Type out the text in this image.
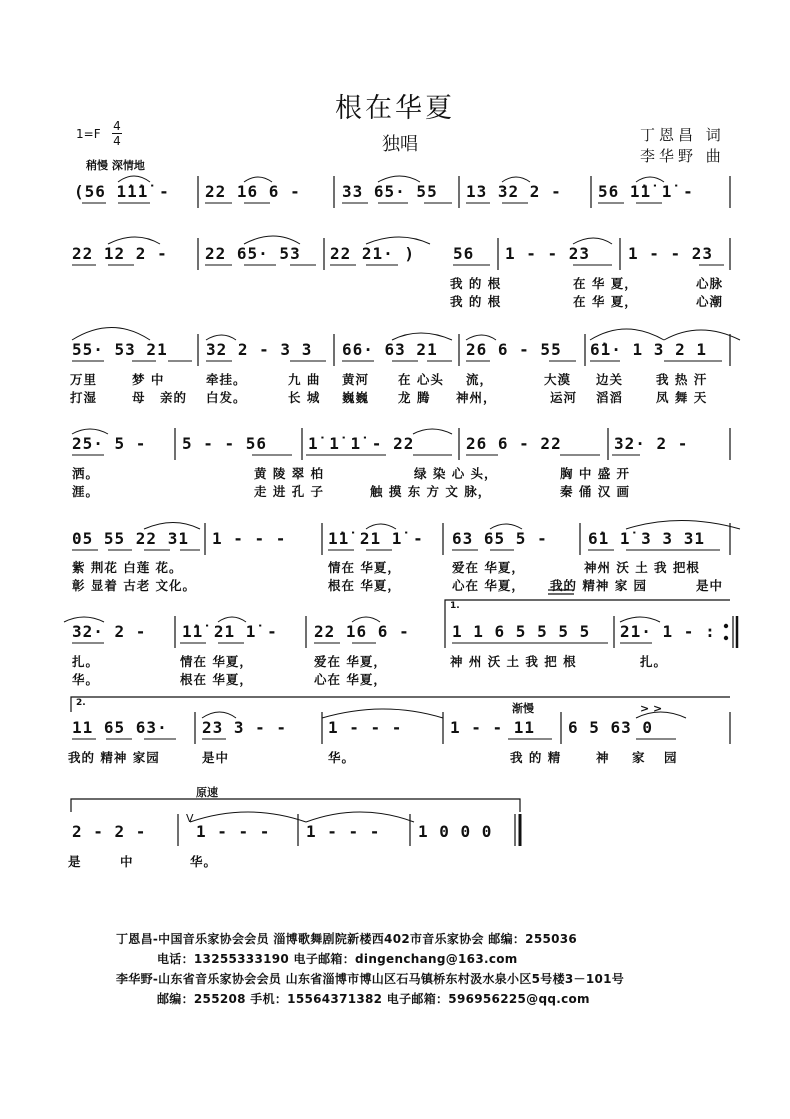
根在华夏
独唱	丁恩昌 词
李华野 曲
1=F
4
4
稍慢 深情地
(56 1̇1̇1̇ - 22 16 6 -	33 65· 55 13 32 2 - 56 1̇1̇ 1̇ -
22 12 2 - 22 65· 53 22 21· ) 56 1 - - 23 1 - - 23
我 的 根	在 华 夏，	心脉
我 的 根	在 华 夏，	心潮
55· 53 21 32 2 - 3 3 66· 63 21 26 6 - 55 6̇1· 1 3 2 1
万里	梦 中	牵挂。	九 曲 黄河 在 心头 流，	大漠 边关	我 热 汗
打湿	母 亲的 白发。	长 城 巍巍 龙 腾 神州，	运河 滔滔	凤 舞 天
25· 5 - 5 - - 56	1̇ 1̇ 1̇ - 22	26 6 - 22	32· 2 -
洒。	黄 陵 翠 柏	绿 染 心 头，	胸 中 盛 开
涯。	走 进 孔 子	触 摸 东 方 文 脉，	秦 俑 汉 画
05 55 22 31 1 - - -	1̇1̇ 21 1̇ - 63 65 5 -	6̇1 1̇ 3 3 31
紫 荆花 白莲 花。	情在 华夏，	爱在 华夏，	神州 沃 土 我 把根
彰 显着 古老 文化。	根在 华夏，	心在 华夏， 我的 精神 家 园	是中
1.
32· 2 - 1̇1̇ 21 1̇ - 22 16 6 -	1 1 6 5 5 5 5 21· 1 - :
扎。	情在 华夏，	爱在 华夏，	神 州 沃 土 我 把 根	扎。
华。	根在 华夏，	心在 华夏，
2.	渐慢	> >
11 65 63· 23 3 - -	1 - - -	1 - - 11 6 5 63 0
我的 精神 家园	是中	华。	我 的 精	神 家 园
原速
V
2 - 2 -	1 - - - 1 - - - 1 0 0 0
是	中	华。
丁恩昌-中国音乐家协会会员 淄博歌舞剧院新楼西402市音乐家协会 邮编：255036
电话：13255333190 电子邮箱：dingenchang@163.com
李华野-山东省音乐家协会会员 山东省淄博市博山区石马镇桥东村汲水泉小区5号楼3－101号
邮编：255208 手机：15564371382 电子邮箱：596956225@qq.com
